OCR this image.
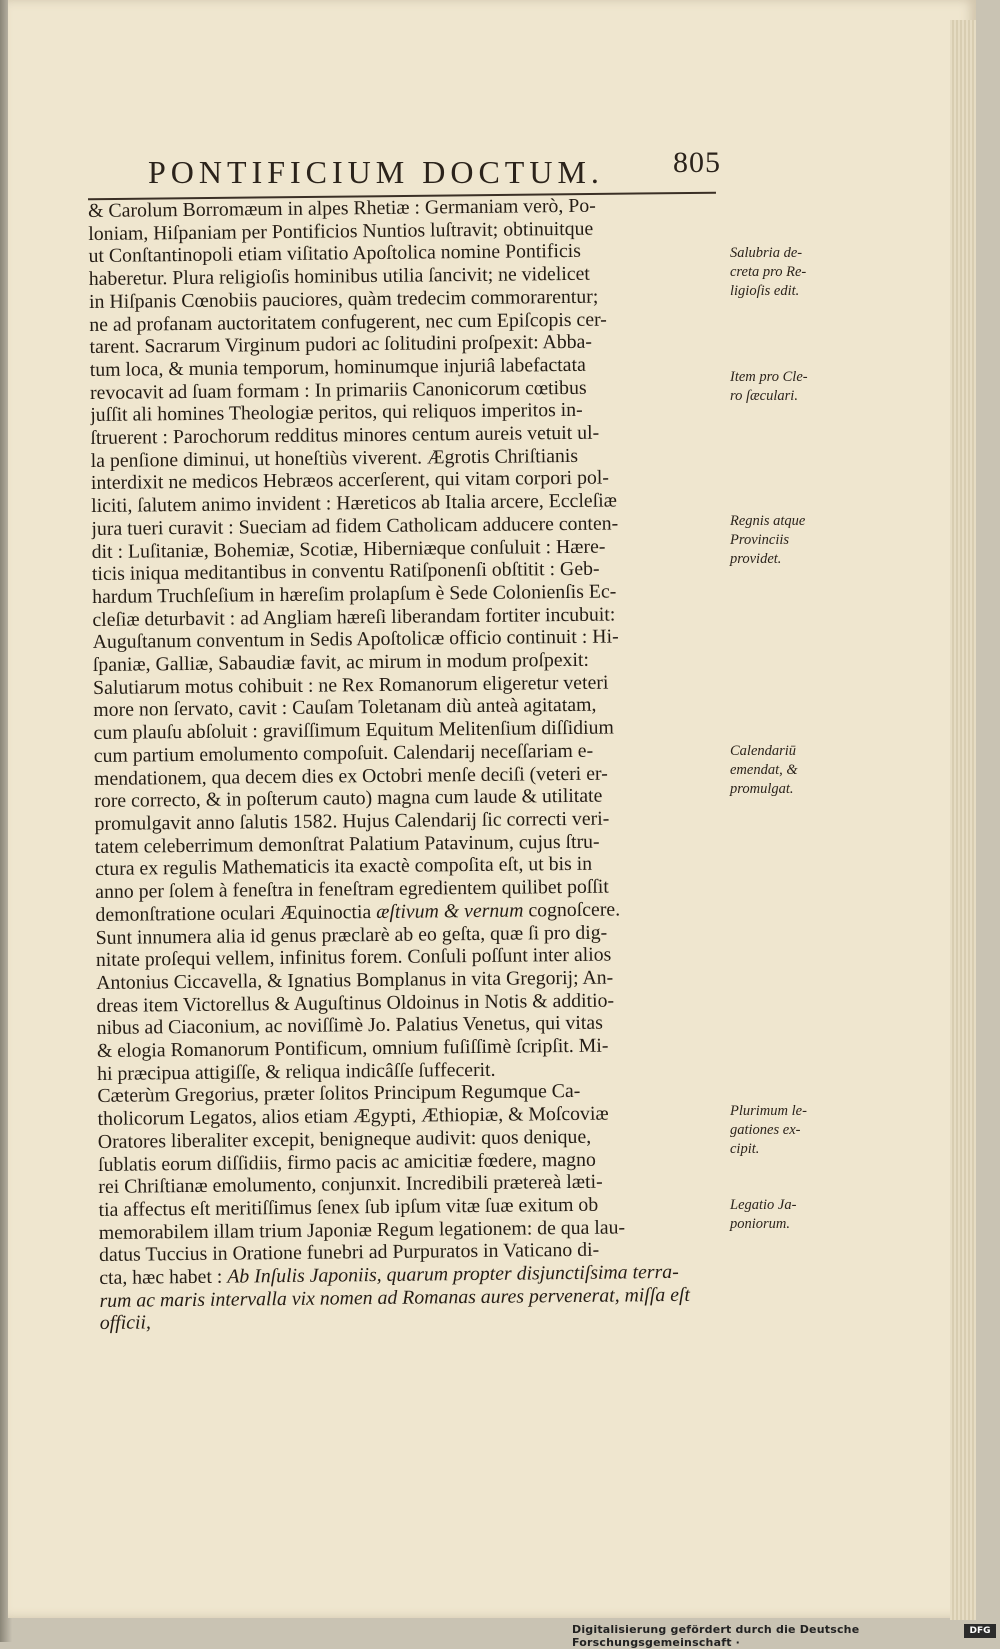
PONTIFICIUM DOCTUM. 805
& Carolum Borromæum in alpes Rhetiæ : Germaniam verò, Po-
loniam, Hiſpaniam per Pontificios Nuntios luſtravit; obtinuitque
ut Conſtantinopoli etiam viſitatio Apoſtolica nomine Pontificis
haberetur. Plura religioſis hominibus utilia ſancivit; ne videlicet
in Hiſpanis Cœnobiis pauciores, quàm tredecim commorarentur;
ne ad profanam auctoritatem confugerent, nec cum Epiſcopis cer-
tarent. Sacrarum Virginum pudori ac ſolitudini proſpexit: Abba-
tum loca, & munia temporum, hominumque injuriâ labefactata
revocavit ad ſuam formam : In primariis Canonicorum cœtibus
juſſit ali homines Theologiæ peritos, qui reliquos imperitos in-
ſtruerent : Parochorum redditus minores centum aureis vetuit ul-
la penſione diminui, ut honeſtiùs viverent. Ægrotis Chriſtianis
interdixit ne medicos Hebræos accerſerent, qui vitam corpori pol-
liciti, ſalutem animo invident : Hæreticos ab Italia arcere, Eccleſiæ
jura tueri curavit : Sueciam ad fidem Catholicam adducere conten-
dit : Luſitaniæ, Bohemiæ, Scotiæ, Hiberniæque conſuluit : Hære-
ticis iniqua meditantibus in conventu Ratiſponenſi obſtitit : Geb-
hardum Truchſeſium in hæreſim prolapſum è Sede Colonienſis Ec-
cleſiæ deturbavit : ad Angliam hæreſi liberandam fortiter incubuit:
Auguſtanum conventum in Sedis Apoſtolicæ officio continuit : Hi-
ſpaniæ, Galliæ, Sabaudiæ favit, ac mirum in modum proſpexit:
Salutiarum motus cohibuit : ne Rex Romanorum eligeretur veteri
more non ſervato, cavit : Cauſam Toletanam diù anteà agitatam,
cum plauſu abſoluit : graviſſimum Equitum Melitenſium diſſidium
cum partium emolumento compoſuit. Calendarij neceſſariam e-
mendationem, qua decem dies ex Octobri menſe deciſi (veteri er-
rore correcto, & in poſterum cauto) magna cum laude & utilitate
promulgavit anno ſalutis 1582. Hujus Calendarij ſic correcti veri-
tatem celeberrimum demonſtrat Palatium Patavinum, cujus ſtru-
ctura ex regulis Mathematicis ita exactè compoſita eſt, ut bis in
anno per ſolem à feneſtra in feneſtram egredientem quilibet poſſit
demonſtratione oculari Æquinoctia æſtivum & vernum cognoſcere.
Sunt innumera alia id genus præclarè ab eo geſta, quæ ſi pro dig-
nitate proſequi vellem, infinitus forem. Conſuli poſſunt inter alios
Antonius Ciccavella, & Ignatius Bomplanus in vita Gregorij; An-
dreas item Victorellus & Auguſtinus Oldoinus in Notis & additio-
nibus ad Ciaconium, ac noviſſimè Jo. Palatius Venetus, qui vitas
& elogia Romanorum Pontificum, omnium fuſiſſimè ſcripſit. Mi-
hi præcipua attigiſſe, & reliqua indicâſſe ſuffecerit.
Cæterùm Gregorius, præter ſolitos Principum Regumque Ca-
tholicorum Legatos, alios etiam Ægypti, Æthiopiæ, & Moſcoviæ
Oratores liberaliter excepit, benigneque audivit: quos denique,
ſublatis eorum diſſidiis, firmo pacis ac amicitiæ fœdere, magno
rei Chriſtianæ emolumento, conjunxit. Incredibili prætereà læti-
tia affectus eſt meritiſſimus ſenex ſub ipſum vitæ ſuæ exitum ob
memorabilem illam trium Japoniæ Regum legationem: de qua lau-
datus Tuccius in Oratione funebri ad Purpuratos in Vaticano di-
cta, hæc habet : Ab Inſulis Japoniis, quarum propter disjunctiſsima terra-
rum ac maris intervalla vix nomen ad Romanas aures pervenerat, miſſa eſt
officii,
Salubria de-
creta pro Re-
ligioſis edit.
Item pro Cle-
ro ſæculari.
Regnis atque
Provinciis
providet.
Calendariū
emendat, &
promulgat.
Plurimum le-
gationes ex-
cipit.
Legatio Ja-
poniorum.
Digitalisierung gefördert durch die Deutsche Forschungsgemeinschaft ·
DFG
